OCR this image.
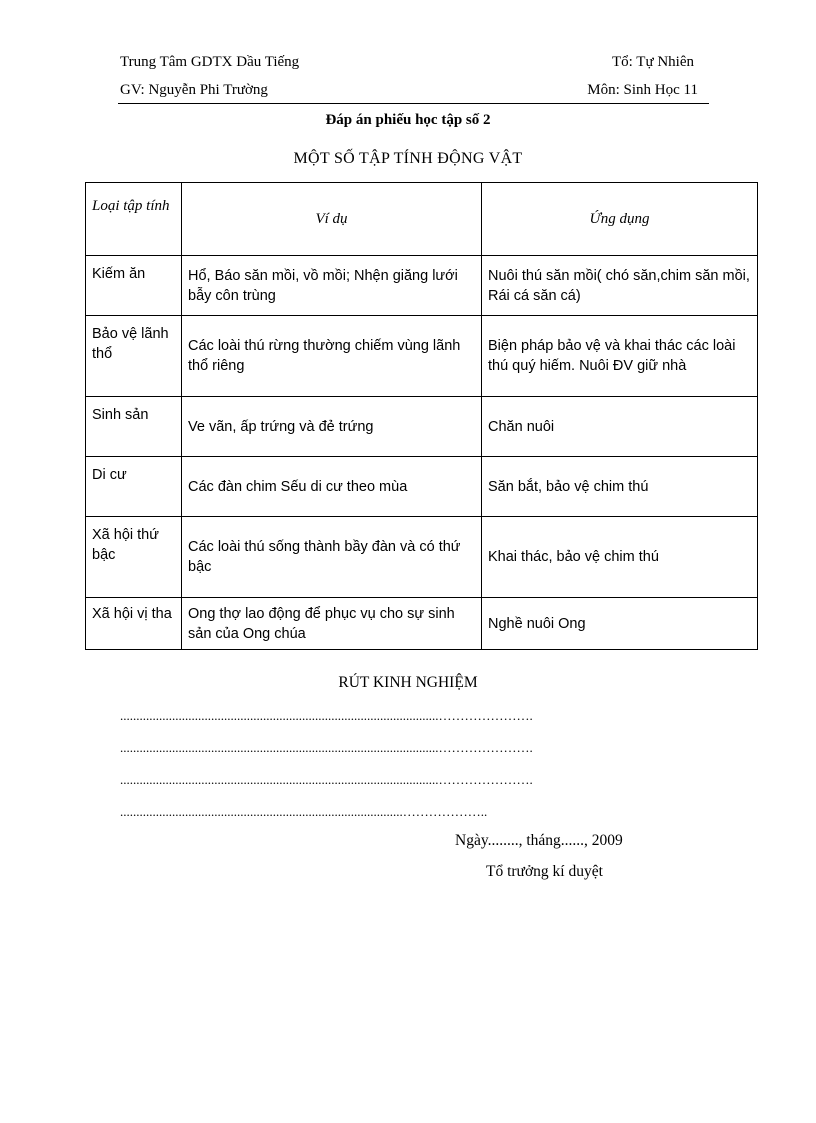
Trung Tâm GDTX Dầu Tiếng	Tổ: Tự Nhiên
GV: Nguyễn Phi Trường	Môn: Sinh Học 11
Đáp án phiếu học tập số 2
MỘT SỐ TẬP TÍNH ĐỘNG VẬT
Loại tập tính	Ví dụ	Ứng dụng
Kiếm ăn	Hổ, Báo săn mồi, vồ mồi; Nhện giăng lưới bẫy côn trùng	Nuôi thú săn mồi( chó săn,chim săn mồi, Rái cá săn cá)
Bảo vệ lãnh thổ	Các loài thú rừng thường chiếm vùng lãnh thổ riêng	Biện pháp bảo vệ và khai thác các loài thú quý hiếm. Nuôi ĐV giữ nhà
Sinh sản	Ve vãn, ấp trứng và đẻ trứng	Chăn nuôi
Di cư	Các đàn chim Sếu di cư theo mùa	Săn bắt, bảo vệ chim thú
Xã hội thứ bậc	Các loài thú sống thành bầy đàn và có thứ bậc	Khai thác, bảo vệ chim thú
Xã hội vị tha	Ong thợ lao động để phục vụ cho sự sinh sản của Ong chúa	Nghề nuôi Ong
RÚT KINH NGHIỆM
..................................................................................................………………….
..................................................................................................………………….
..................................................................................................………………….
.......................................................................................………………..
Ngày........, tháng......, 2009
Tổ trưởng kí duyệt
